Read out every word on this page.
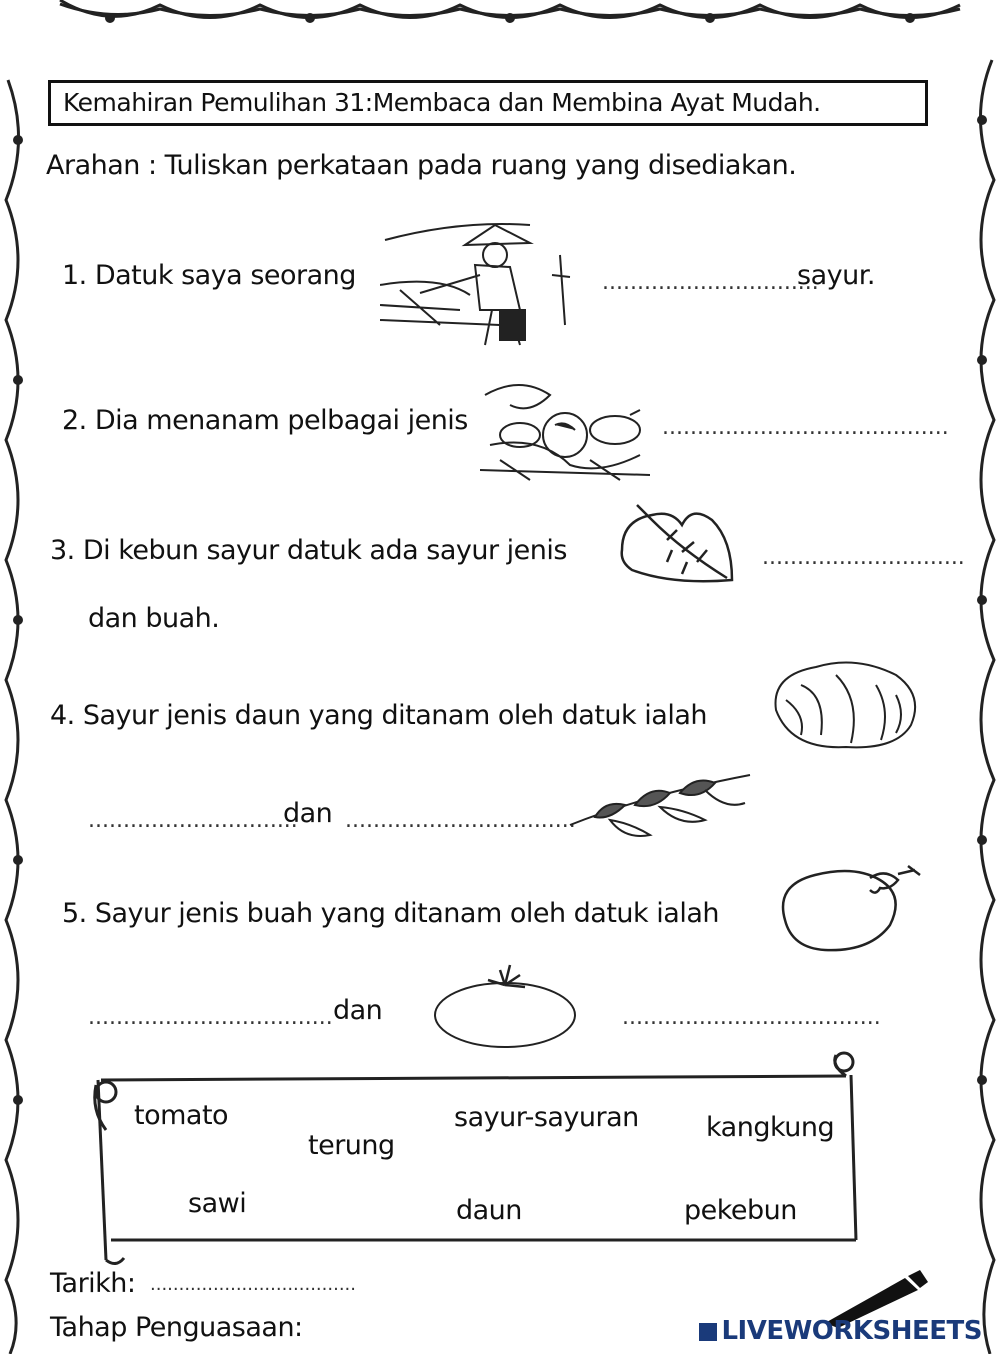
Kemahiran Pemulihan 31:Membaca dan Membina Ayat Mudah.
Arahan : Tuliskan perkataan pada ruang yang disediakan.
1. Datuk saya seorang	...............................
sayur.
2. Dia menanam pelbagai jenis	.........................................
3. Di kebun sayur datuk ada sayur jenis	.............................
dan buah.
4. Sayur jenis daun yang ditanam oleh datuk ialah
..............................
dan .................................
5. Sayur jenis buah yang ditanam oleh datuk ialah
................................... dan	.....................................
tomato
terung
sayur-sayuran kangkung
sawi	daun	pekebun
Tarikh: ....................................
Tahap Penguasaan:	LIVEWORKSHEETS
